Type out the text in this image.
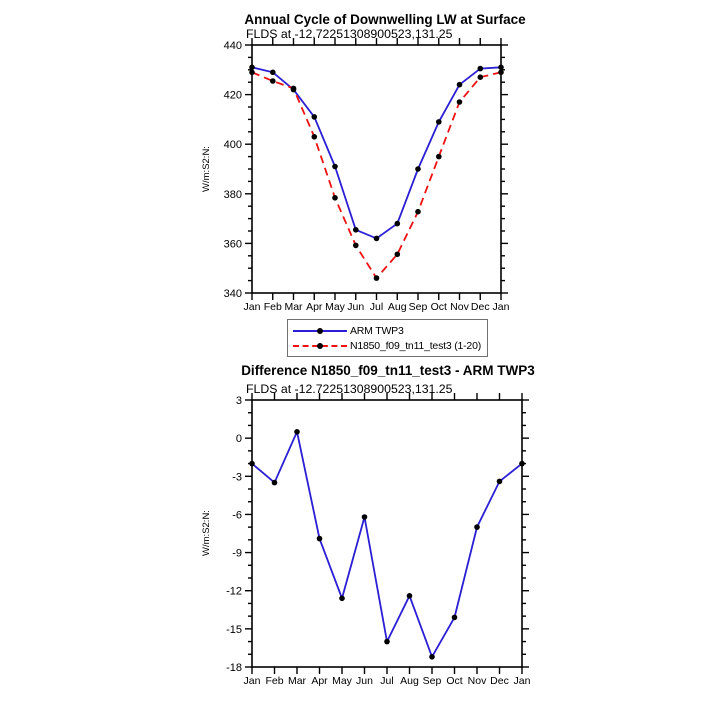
Annual Cycle of Downwelling LW at Surface
FLDS at -12.72251308900523,131.25
W/m:S2:N:
340
360
380
400
420
440
Jan Feb Mar Apr May Jun Jul Aug Sep Oct Nov Dec Jan
ARM TWP3
N1850_f09_tn11_test3 (1-20)
Difference N1850_f09_tn11_test3 - ARM TWP3
FLDS at -12.72251308900523,131.25
W/m:S2:N:
-18
-15
-12
-9
-6
-3
0
3
Jan Feb Mar Apr May Jun Jul Aug Sep Oct Nov Dec Jan
